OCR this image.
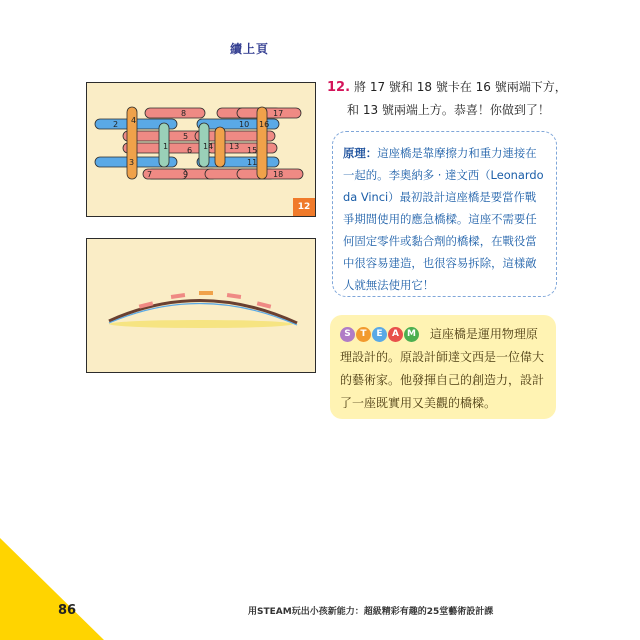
續上頁
17
8
2 4	10 16
5
1	14 13
6	15
3	11
9
7	18
12
12. 將 17 號和 18 號卡在 16 號兩端下方，
和 13 號兩端上方。恭喜！你做到了！
原理：這座橋是靠摩擦力和重力連接在一起的。李奧納多 · 達文西（Leonardo da Vinci）最初設計這座橋是要當作戰爭期間使用的應急橋樑。這座不需要任何固定零件或黏合劑的橋樑，在戰役當中很容易建造，也很容易拆除，這樣敵人就無法使用它！
S T E A M 這座橋是運用物理原理設計的。原設計師達文西是一位偉大的藝術家。他發揮自己的創造力，設計了一座既實用又美觀的橋樑。
86	用STEAM玩出小孩新能力：超級精彩有趣的25堂藝術設計課
